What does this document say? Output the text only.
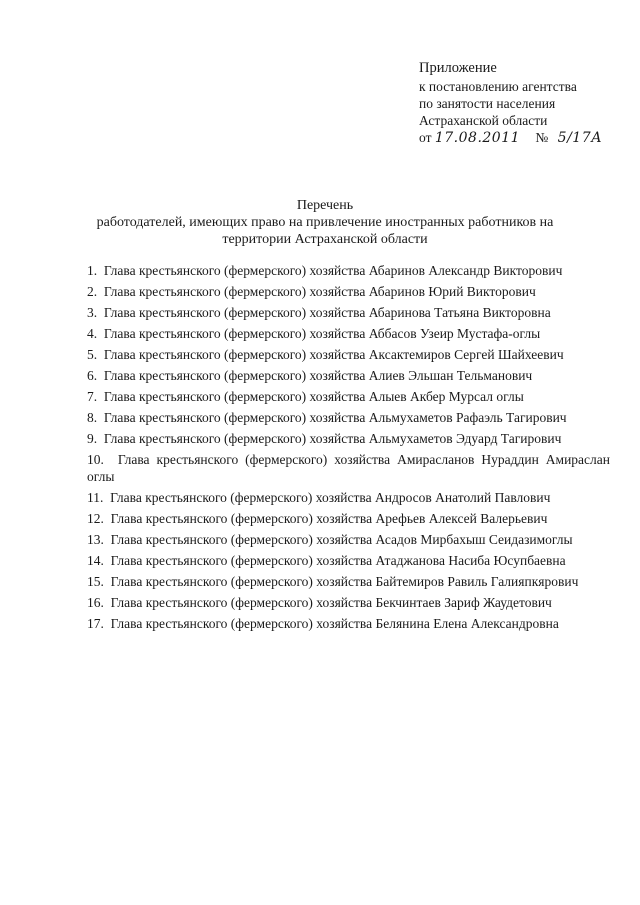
Приложение
к постановлению агентства
по занятости населения
Астраханской области
от 17.08.2011 № 5/17А
Перечень
работодателей, имеющих право на привлечение иностранных работников на
территории Астраханской области
1. Глава крестьянского (фермерского) хозяйства Абаринов Александр Викторович
2. Глава крестьянского (фермерского) хозяйства Абаринов Юрий Викторович
3. Глава крестьянского (фермерского) хозяйства Абаринова Татьяна Викторовна
4. Глава крестьянского (фермерского) хозяйства Аббасов Узеир Мустафа-оглы
5. Глава крестьянского (фермерского) хозяйства Аксактемиров Сергей Шайхеевич
6. Глава крестьянского (фермерского) хозяйства Алиев Эльшан Тельманович
7. Глава крестьянского (фермерского) хозяйства Алыев Акбер Мурсал оглы
8. Глава крестьянского (фермерского) хозяйства Альмухаметов Рафаэль Тагирович
9. Глава крестьянского (фермерского) хозяйства Альмухаметов Эдуард Тагирович
10. Глава крестьянского (фермерского) хозяйства Амирасланов Нураддин Амираслан оглы
11. Глава крестьянского (фермерского) хозяйства Андросов Анатолий Павлович
12. Глава крестьянского (фермерского) хозяйства Арефьев Алексей Валерьевич
13. Глава крестьянского (фермерского) хозяйства Асадов Мирбахыш Сеидазимоглы
14. Глава крестьянского (фермерского) хозяйства Атаджанова Насиба Юсупбаевна
15. Глава крестьянского (фермерского) хозяйства Байтемиров Равиль Галияпкярович
16. Глава крестьянского (фермерского) хозяйства Бекчинтаев Зариф Жаудетович
17. Глава крестьянского (фермерского) хозяйства Белянина Елена Александровна
